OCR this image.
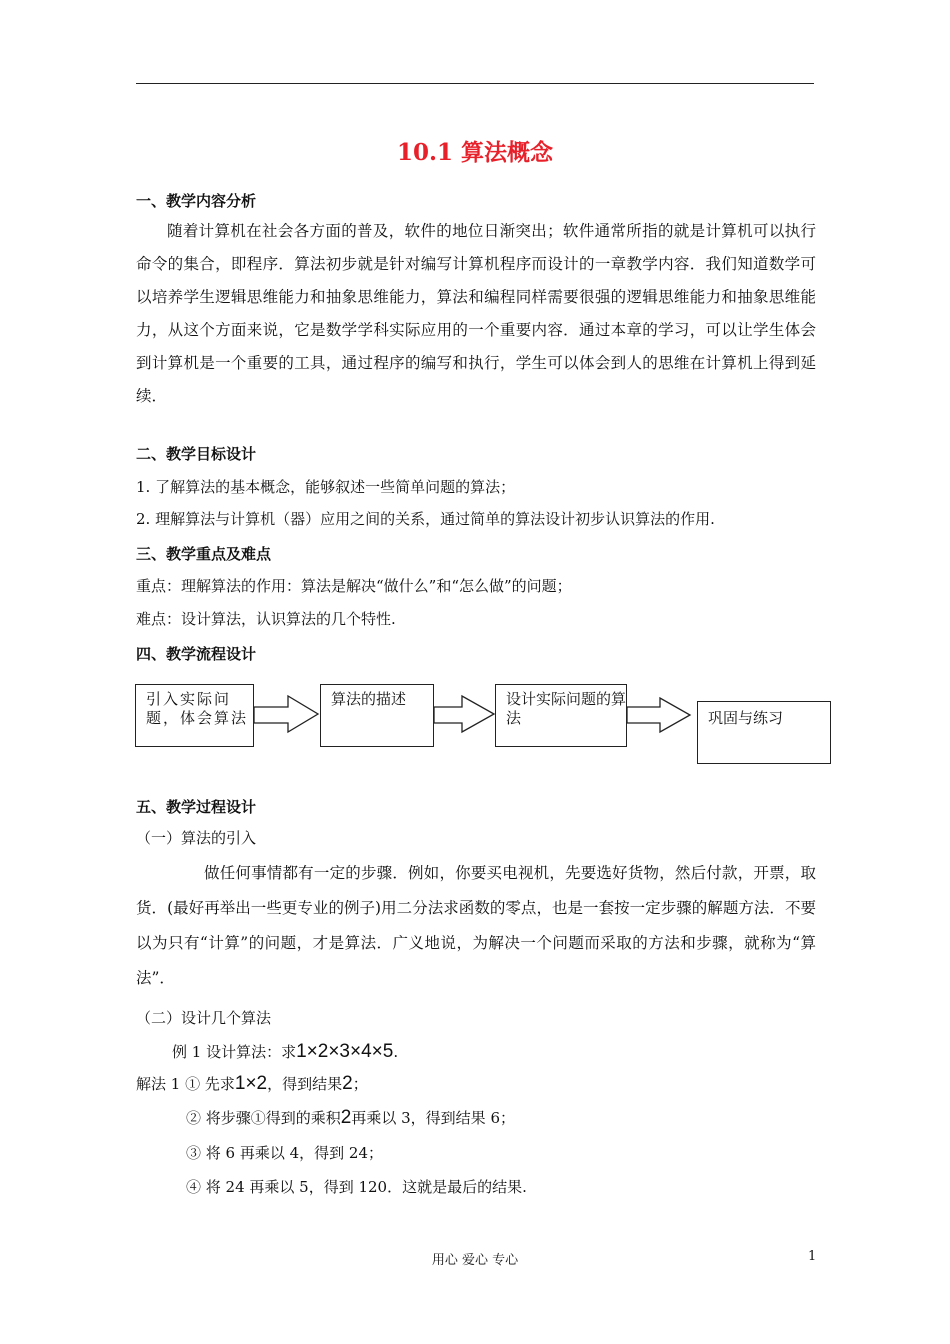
10.1 算法概念
一、教学内容分析
随着计算机在社会各方面的普及，软件的地位日渐突出；软件通常所指的就是计算机可以执行命令的集合，即程序．算法初步就是针对编写计算机程序而设计的一章教学内容．我们知道数学可以培养学生逻辑思维能力和抽象思维能力，算法和编程同样需要很强的逻辑思维能力和抽象思维能力，从这个方面来说，它是数学学科实际应用的一个重要内容．通过本章的学习，可以让学生体会到计算机是一个重要的工具，通过程序的编写和执行，学生可以体会到人的思维在计算机上得到延续．
二、教学目标设计
1. 了解算法的基本概念，能够叙述一些简单问题的算法；
2. 理解算法与计算机（器）应用之间的关系，通过简单的算法设计初步认识算法的作用.
三、教学重点及难点
重点：理解算法的作用：算法是解决“做什么”和“怎么做”的问题；
难点：设计算法，认识算法的几个特性.
四、教学流程设计
引入实际问题，体会算法
算法的描述	设计实际问题的算法	巩固与练习
五、教学过程设计
（一）算法的引入
做任何事情都有一定的步骤．例如，你要买电视机，先要选好货物，然后付款，开票，取货．(最好再举出一些更专业的例子)用二分法求函数的零点，也是一套按一定步骤的解题方法．不要以为只有“计算”的问题，才是算法．广义地说，为解决一个问题而采取的方法和步骤，就称为“算法”．
（二）设计几个算法
例 1 设计算法：求1×2×3×4×5.
解法 1 ① 先求1×2，得到结果2；
② 将步骤①得到的乘积2再乘以 3，得到结果 6；
③ 将 6 再乘以 4，得到 24；
④ 将 24 再乘以 5，得到 120．这就是最后的结果.
用心 爱心 专心	1
